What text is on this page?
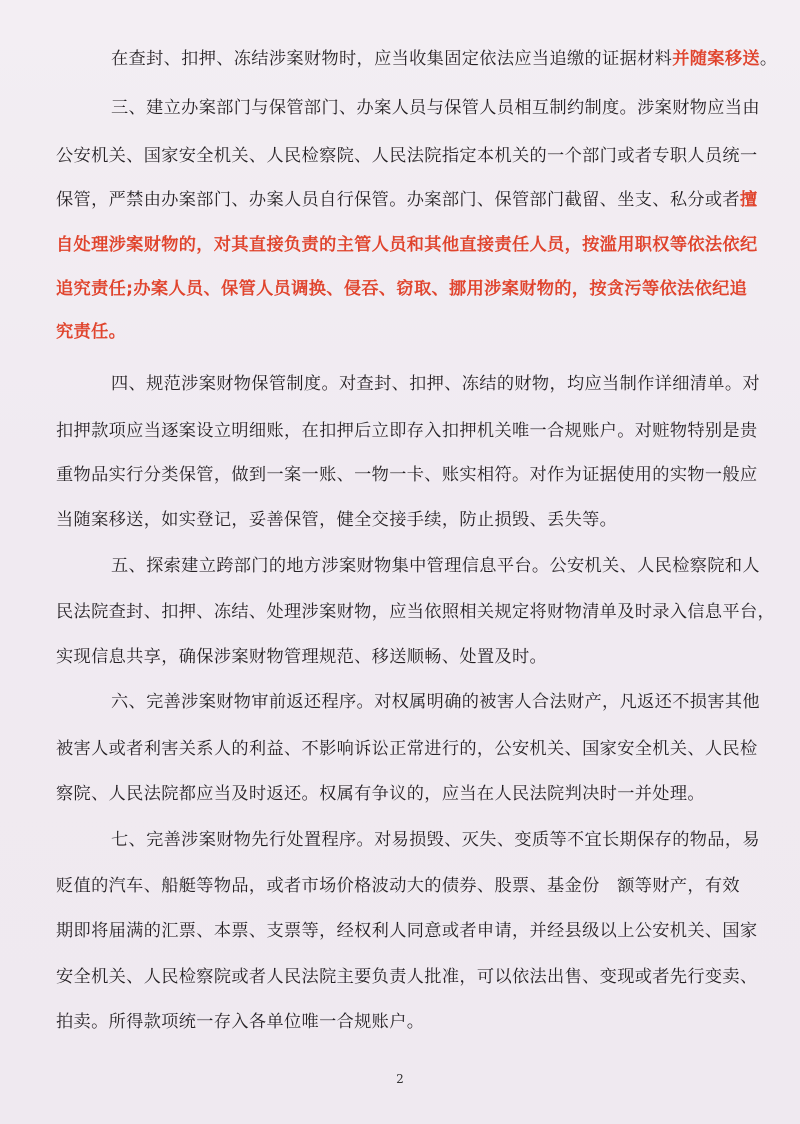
在查封、扣押、冻结涉案财物时，应当收集固定依法应当追缴的证据材料并随案移送。
三、建立办案部门与保管部门、办案人员与保管人员相互制约制度。涉案财物应当由
公安机关、国家安全机关、人民检察院、人民法院指定本机关的一个部门或者专职人员统一
保管，严禁由办案部门、办案人员自行保管。办案部门、保管部门截留、坐支、私分或者擅
自处理涉案财物的，对其直接负责的主管人员和其他直接责任人员，按滥用职权等依法依纪
追究责任;办案人员、保管人员调换、侵吞、窃取、挪用涉案财物的，按贪污等依法依纪追
究责任。
四、规范涉案财物保管制度。对查封、扣押、冻结的财物，均应当制作详细清单。对
扣押款项应当逐案设立明细账，在扣押后立即存入扣押机关唯一合规账户。对赃物特别是贵
重物品实行分类保管，做到一案一账、一物一卡、账实相符。对作为证据使用的实物一般应
当随案移送，如实登记，妥善保管，健全交接手续，防止损毁、丢失等。
五、探索建立跨部门的地方涉案财物集中管理信息平台。公安机关、人民检察院和人
民法院查封、扣押、冻结、处理涉案财物，应当依照相关规定将财物清单及时录入信息平台，
实现信息共享，确保涉案财物管理规范、移送顺畅、处置及时。
六、完善涉案财物审前返还程序。对权属明确的被害人合法财产，凡返还不损害其他
被害人或者利害关系人的利益、不影响诉讼正常进行的，公安机关、国家安全机关、人民检
察院、人民法院都应当及时返还。权属有争议的，应当在人民法院判决时一并处理。
七、完善涉案财物先行处置程序。对易损毁、灭失、变质等不宜长期保存的物品，易
贬值的汽车、船艇等物品，或者市场价格波动大的债券、股票、基金份　额等财产，有效
期即将届满的汇票、本票、支票等，经权利人同意或者申请，并经县级以上公安机关、国家
安全机关、人民检察院或者人民法院主要负责人批准，可以依法出售、变现或者先行变卖、
拍卖。所得款项统一存入各单位唯一合规账户。
2
